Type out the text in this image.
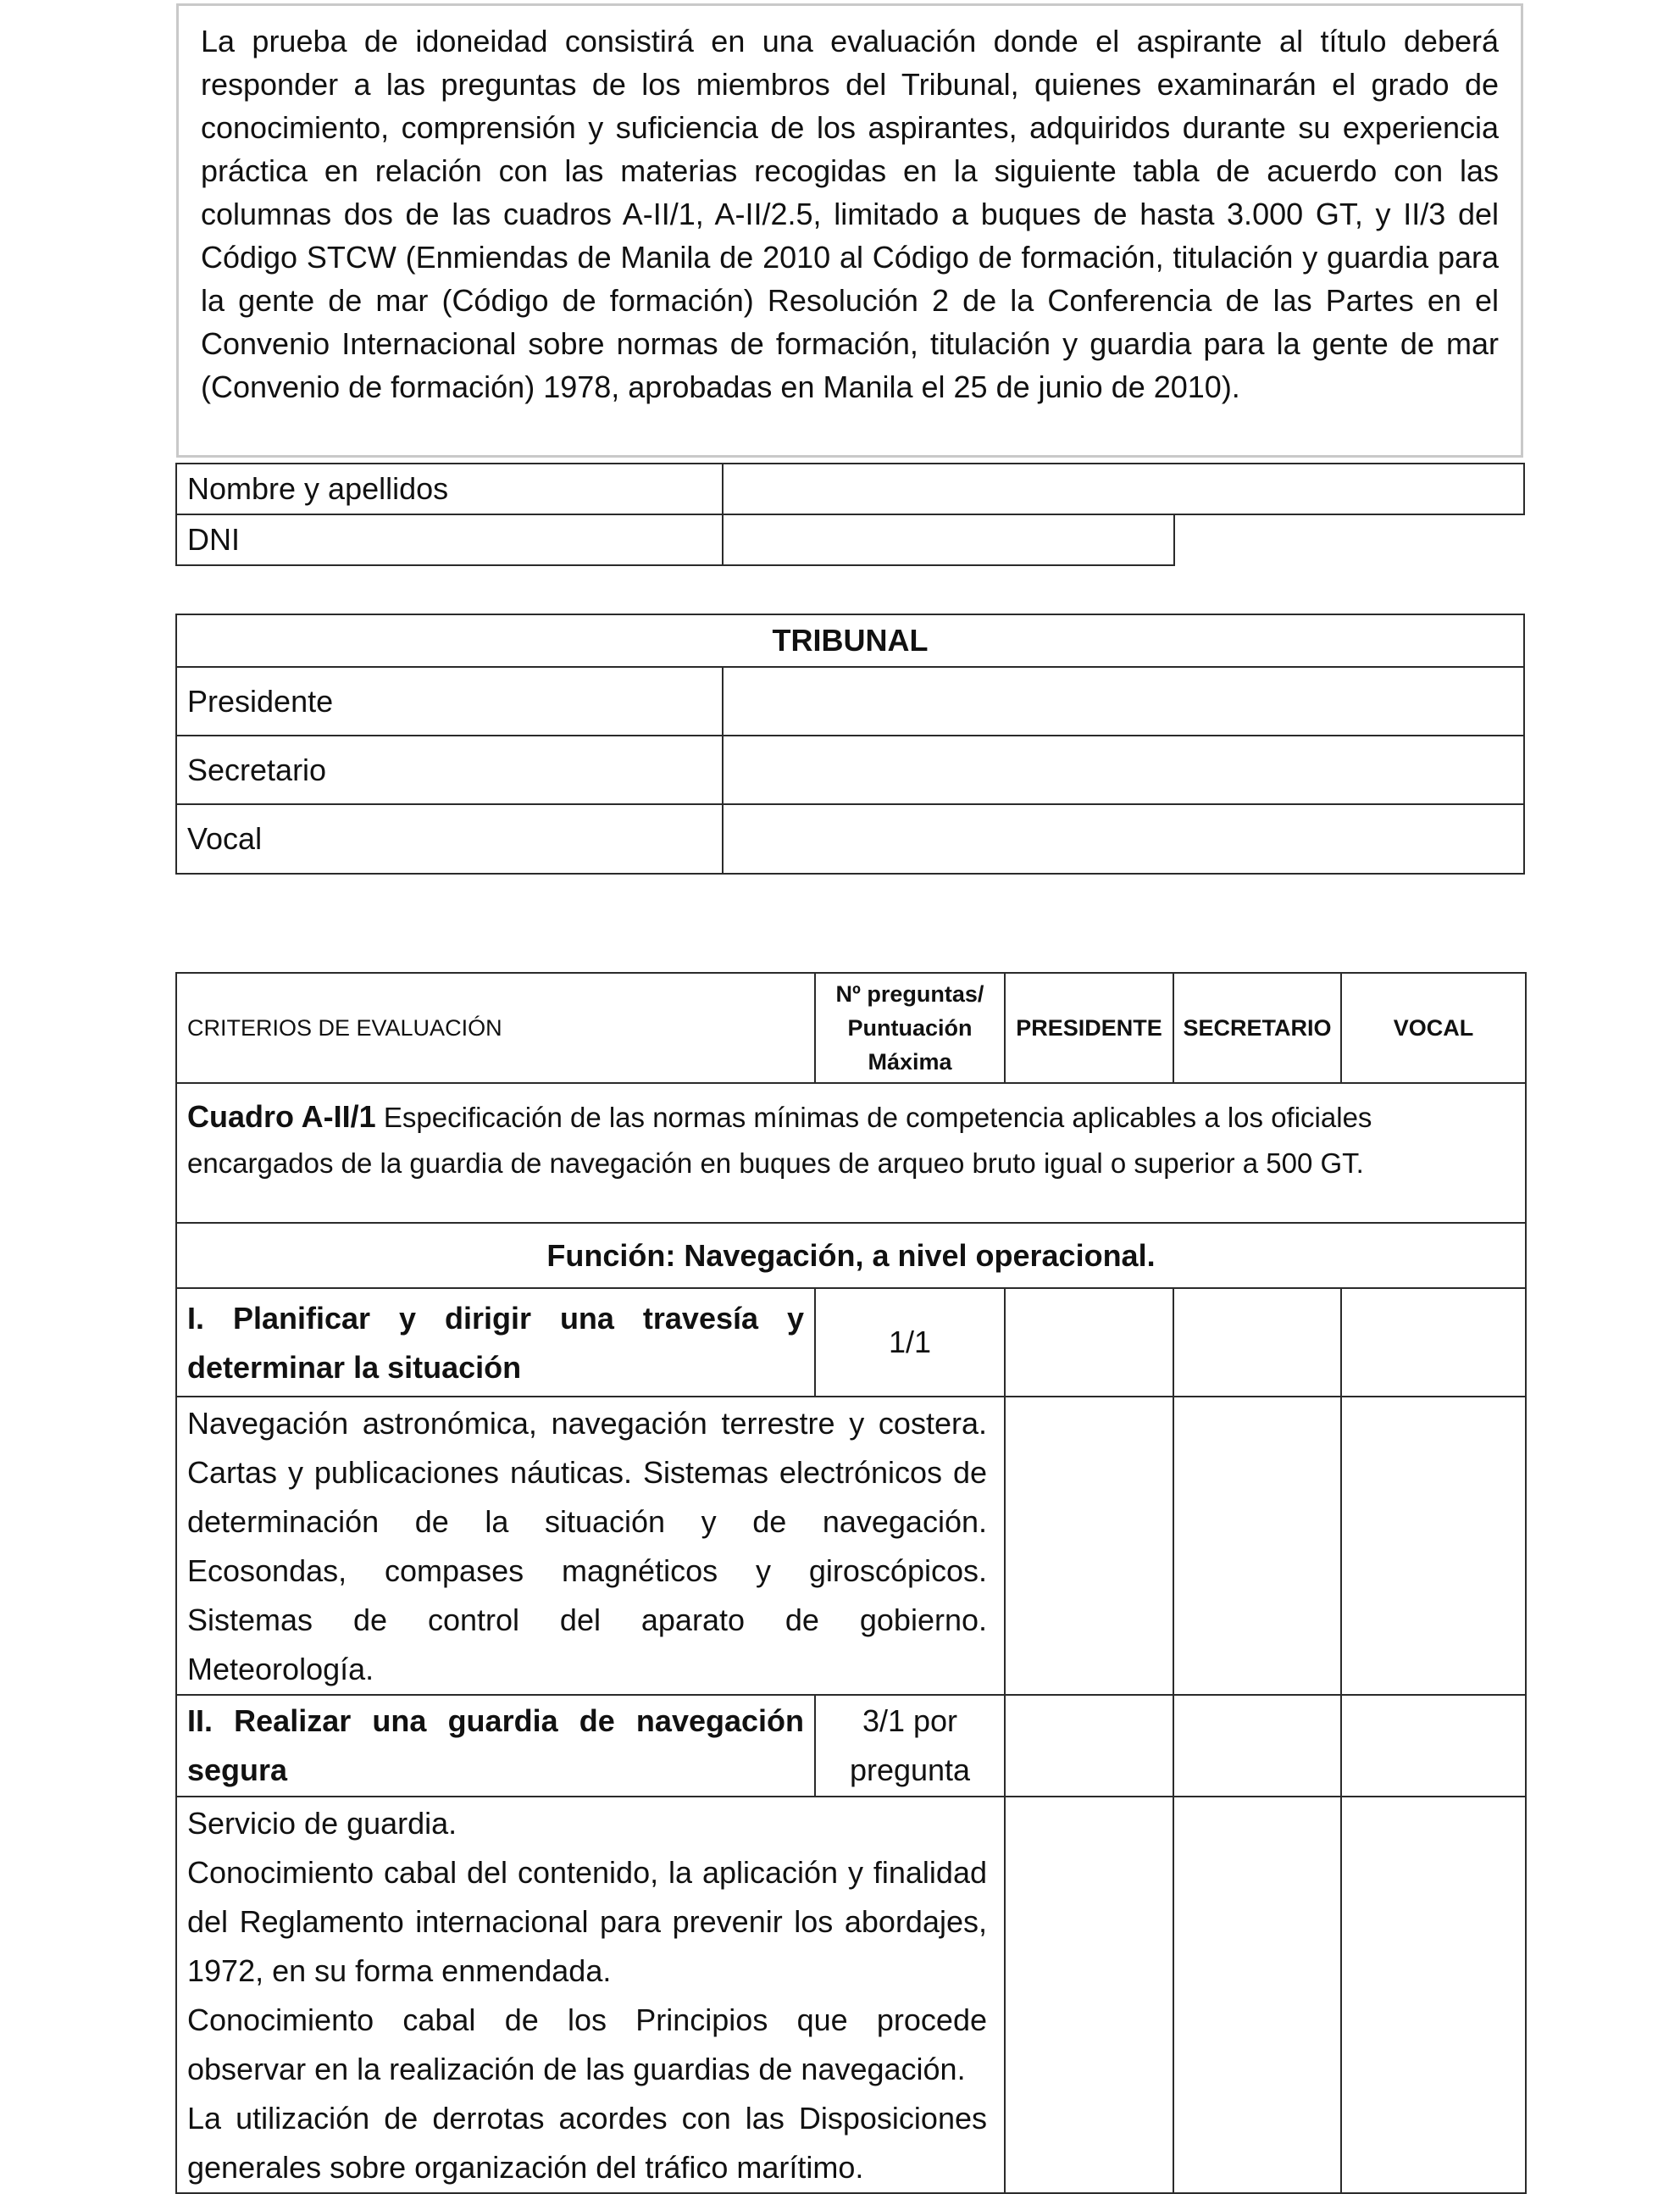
La prueba de idoneidad consistirá en una evaluación donde el aspirante al título deberá responder a las preguntas de los miembros del Tribunal, quienes examinarán el grado de conocimiento, comprensión y suficiencia de los aspirantes, adquiridos durante su experiencia práctica en relación con las materias recogidas en la siguiente tabla de acuerdo con las columnas dos de las cuadros A-II/1, A-II/2.5, limitado a buques de hasta 3.000 GT, y II/3 del Código STCW (Enmiendas de Manila de 2010 al Código de formación, titulación y guardia para la gente de mar (Código de formación) Resolución 2 de la Conferencia de las Partes en el Convenio Internacional sobre normas de formación, titulación y guardia para la gente de mar (Convenio de formación) 1978, aprobadas en Manila el 25 de junio de 2010).
Nombre y apellidos	
DNI	
TRIBUNAL	
Presidente	
Secretario	
Vocal	
CRITERIOS DE EVALUACIÓN	Nº preguntas/ Puntuación Máxima	PRESIDENTE	SECRETARIO	VOCAL
Cuadro A-II/1 Especificación de las normas mínimas de competencia aplicables a los oficiales encargados de la guardia de navegación en buques de arqueo bruto igual o superior a 500 GT.				
Función: Navegación, a nivel operacional.				
I. Planificar y dirigir una travesía y determinar la situación	1/1			

Navegación astronómica, navegación terrestre y costera. Cartas y publicaciones náuticas. Sistemas electrónicos de determinación de la situación y de navegación. Ecosondas, compases magnéticos y giroscópicos. Sistemas de control del aparato de gobierno. Meteorología.				

II. Realizar una guardia de navegación segura	3/1 por pregunta			

Servicio de guardia.
Conocimiento cabal del contenido, la aplicación y finalidad del Reglamento internacional para prevenir los abordajes, 1972, en su forma enmendada.
Conocimiento cabal de los Principios que procede observar en la realización de las guardias de navegación.
La utilización de derrotas acordes con las Disposiciones generales sobre organización del tráfico marítimo.				
